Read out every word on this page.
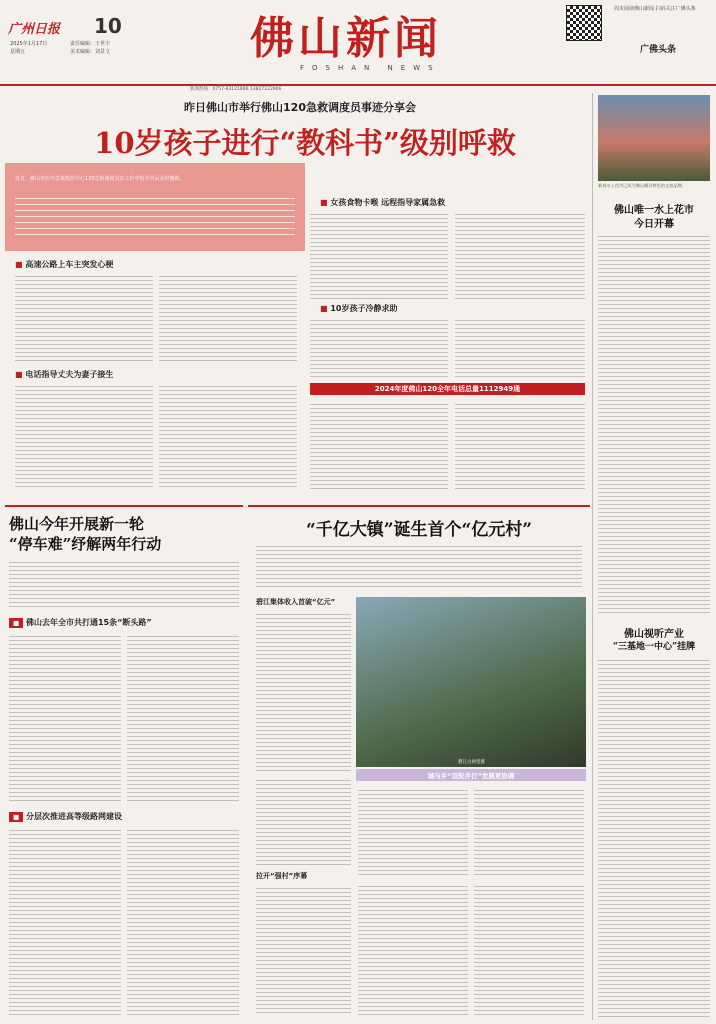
广州日报 10
2025年1月17日
星期五
责任编辑：王世宇
美术编辑：刘景文	佛山新闻
FOSHAN NEWS
周末阅读佛山新闻 扫码关注广佛头条
广佛头条
新闻热线：0757-83121866 13827222906
昨日佛山市举行佛山120急救调度员事迹分享会
10岁孩子进行“教科书”级别呼救
近日，佛山市医疗急救指挥中心120急救调度员在工作中指导市民及时施救。
■ 高速公路上车主突发心梗
■ 电话指导丈夫为妻子接生
■ 女孩食物卡喉 远程指导家属急救
■ 10岁孩子冷静求助
2024年度佛山120全年电话总量1112949通
佛山今年开展新一轮
“停车难”纾解两年行动
■ 佛山去年全市共打通15条“断头路”
■ 分层次推进高等级路网建设
“千亿大镇”诞生首个“亿元村”
碧江集体收入首破“亿元”
碧江古祠堂群
城与乡“双轮并行”发展更协调
拉开“强村”序幕
新春水上花市已成为佛山颇具特色的文旅品牌。
佛山唯一水上花市
今日开幕
佛山视听产业
“三基地一中心”挂牌
